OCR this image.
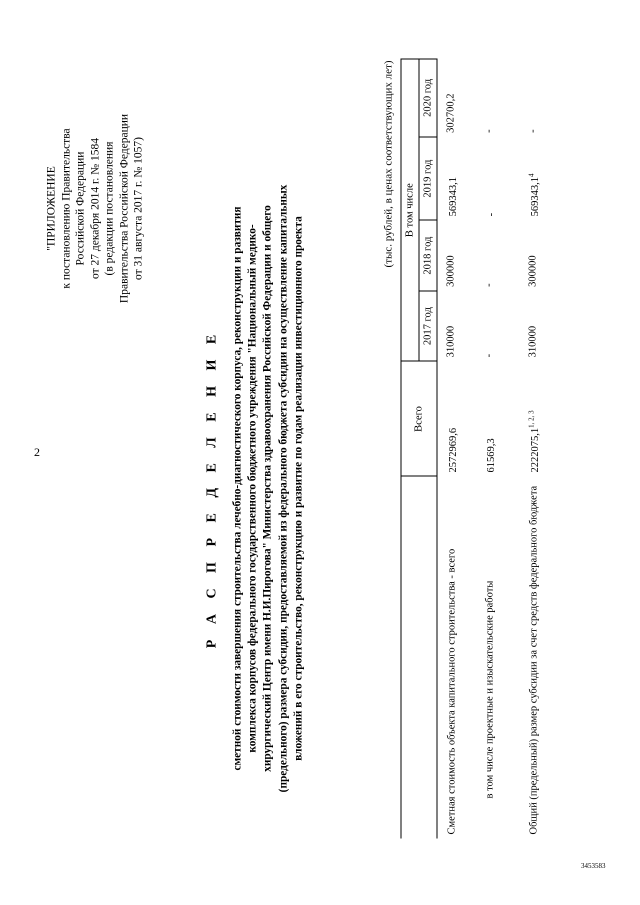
2
3453583
"ПРИЛОЖЕНИЕ к постановлению Правительства Российской Федерации от 27 декабря 2014 г. № 1584 (в редакции постановления Правительства Российской Федерации от 31 августа 2017 г. № 1057)
Р А С П Р Е Д Е Л Е Н И Е сметной стоимости завершения строительства лечебно-диагностического корпуса, реконструкции и развития комплекса корпусов федерального государственного бюджетного учреждения "Национальный медико- хирургический Центр имени Н.И.Пирогова" Министерства здравоохранения Российской Федерации и общего (предельного) размера субсидии, предоставляемой из федерального бюджета субсидии на осуществление капитальных вложений в его строительство, реконструкцию и развитие по годам реализации инвестиционного проекта
(тыс. рублей, в ценах соответствующих лет)
	Всего	В том числе			
		2017 год	2018 год	2019 год	2020 год
Сметная стоимость объекта капитального строительства - всего	2572969,6	310000	300000	569343,1	302700,2
в том числе проектные и изыскательские работы	61569,3	-	-	-	-
Общий (предельный) размер субсидии за счет средств федерального бюджета	2222075,1$^{1, 2, 3}$	310000	300000	569343,1$^4$	-
